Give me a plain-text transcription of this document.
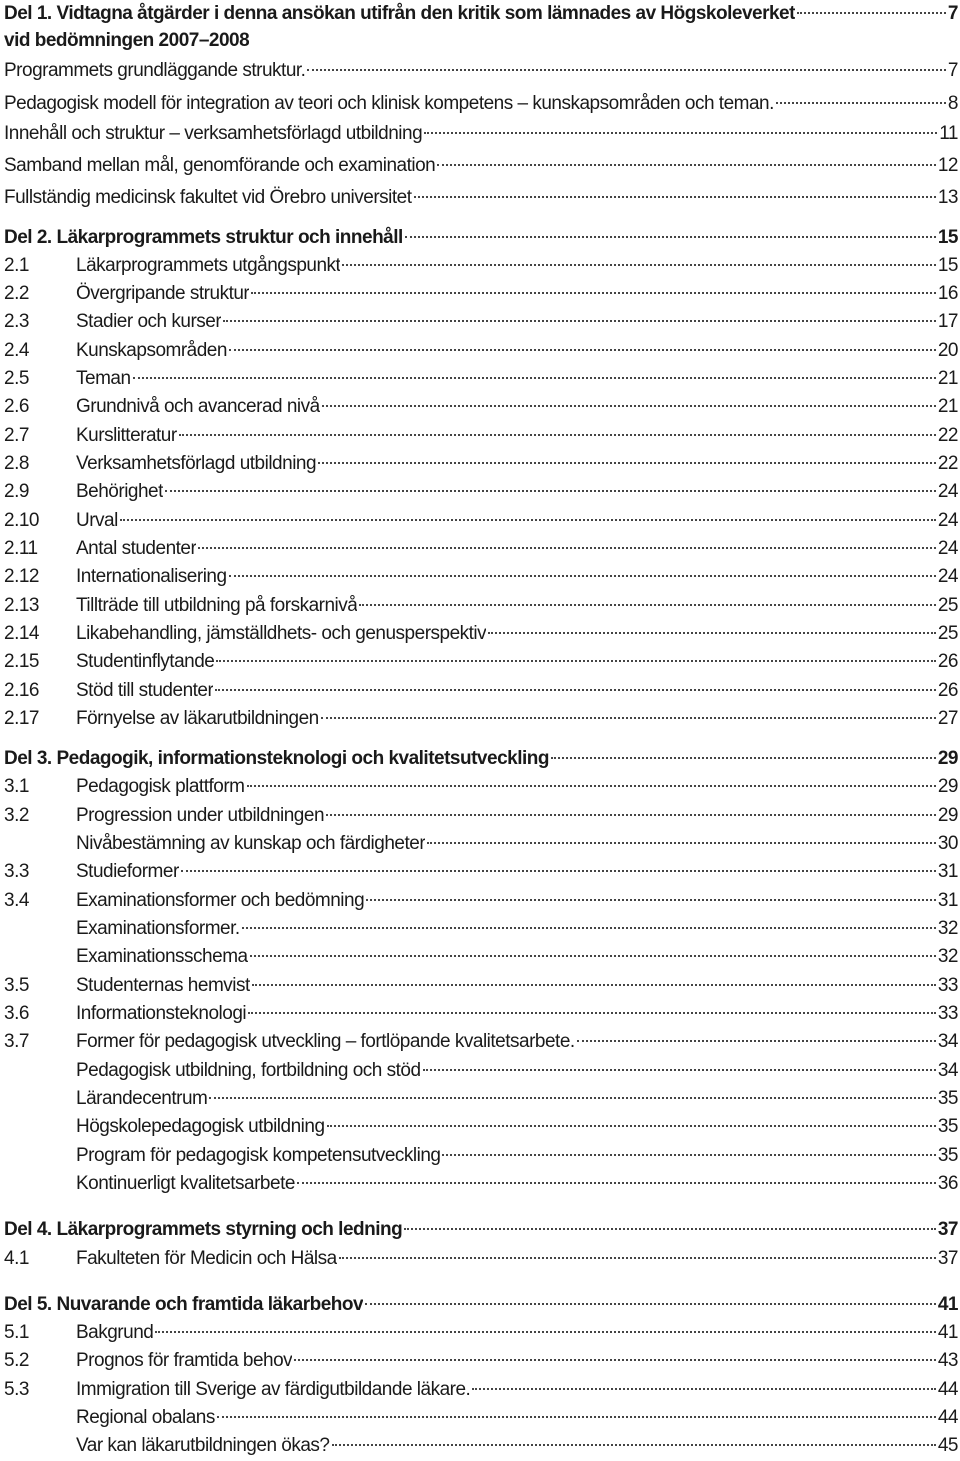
Del 1. Vidtagna åtgärder i denna ansökan utifrån den kritik som lämnades av Högskoleverket	7
vid bedömningen 2007–2008
Programmets grundläggande struktur.	7
Pedagogisk modell för integration av teori och klinisk kompetens – kunskapsområden och teman.	8
Innehåll och struktur – verksamhetsförlagd utbildning	11
Samband mellan mål, genomförande och examination	12
Fullständig medicinsk fakultet vid Örebro universitet	13
Del 2. Läkarprogrammets struktur och innehåll	15
2.1 Läkarprogrammets utgångspunkt	15
2.2 Övergripande struktur	16
2.3 Stadier och kurser	17
2.4 Kunskapsområden	20
2.5 Teman	21
2.6 Grundnivå och avancerad nivå	21
2.7 Kurslitteratur	22
2.8 Verksamhetsförlagd utbildning	22
2.9 Behörighet	24
2.10 Urval	24
2.11 Antal studenter	24
2.12 Internationalisering	24
2.13 Tillträde till utbildning på forskarnivå	25
2.14 Likabehandling, jämställdhets- och genusperspektiv	25
2.15 Studentinflytande	26
2.16 Stöd till studenter	26
2.17 Förnyelse av läkarutbildningen	27
Del 3. Pedagogik, informationsteknologi och kvalitetsutveckling	29
3.1 Pedagogisk plattform	29
3.2 Progression under utbildningen	29
Nivåbestämning av kunskap och färdigheter	30
3.3 Studieformer	31
3.4 Examinationsformer och bedömning	31
Examinationsformer.	32
Examinationsschema	32
3.5 Studenternas hemvist	33
3.6 Informationsteknologi	33
3.7 Former för pedagogisk utveckling – fortlöpande kvalitetsarbete.	34
Pedagogisk utbildning, fortbildning och stöd	34
Lärandecentrum	35
Högskolepedagogisk utbildning	35
Program för pedagogisk kompetensutveckling	35
Kontinuerligt kvalitetsarbete	36
Del 4. Läkarprogrammets styrning och ledning	37
4.1 Fakulteten för Medicin och Hälsa	37
Del 5. Nuvarande och framtida läkarbehov	41
5.1 Bakgrund	41
5.2 Prognos för framtida behov	43
5.3 Immigration till Sverige av färdigutbildande läkare.	44
Regional obalans	44
Var kan läkarutbildningen ökas?	45
